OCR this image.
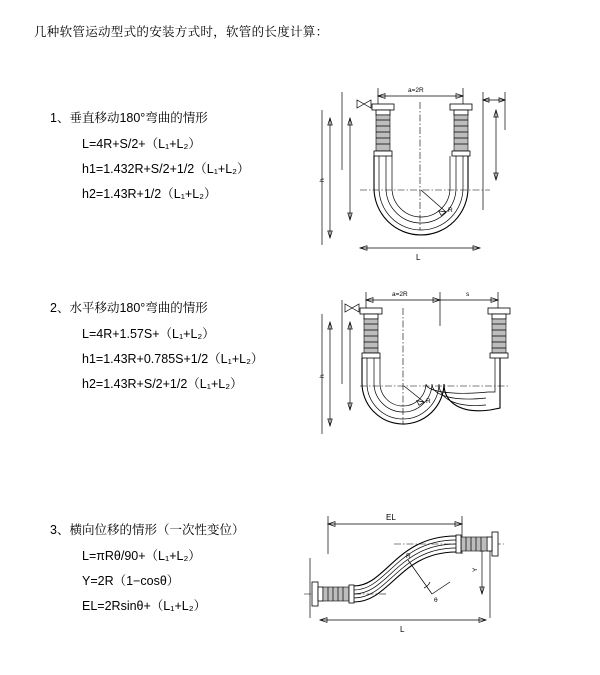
几种软管运动型式的安装方式时，软管的长度计算：
1、垂直移动180°弯曲的情形
L=4R+S/2+（L₁+L₂）
h1=1.432R+S/2+1/2（L₁+L₂）
h2=1.43R+1/2（L₁+L₂）
a=2R
h
R
L
2、水平移动180°弯曲的情形
L=4R+1.57S+（L₁+L₂）
h1=1.43R+0.785S+1/2（L₁+L₂）
h2=1.43R+S/2+1/2（L₁+L₂）
a=2R	s
h
R
3、横向位移的情形（一次性变位）
L=πRθ/90+（L₁+L₂）
Y=2R（1−cosθ）
EL=2Rsinθ+（L₁+L₂）
EL
Y
θ
R
L
